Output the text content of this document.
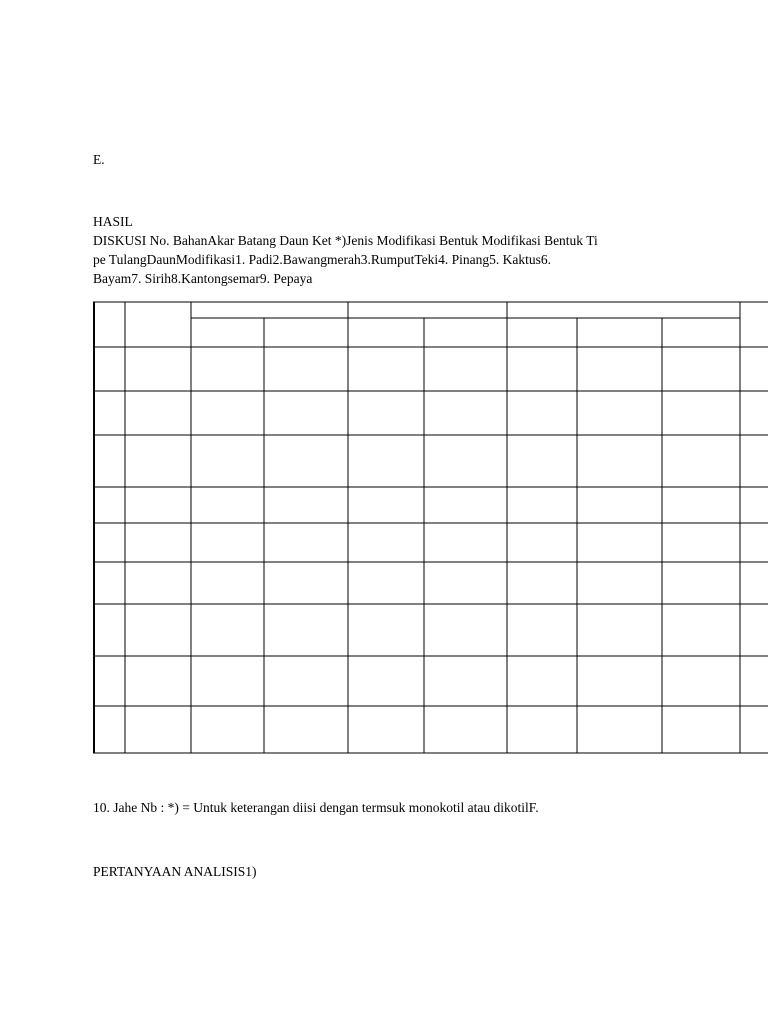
E.
HASIL
DISKUSI No. BahanAkar Batang Daun Ket *)Jenis Modifikasi Bentuk Modifikasi Bentuk Ti
pe TulangDaunModifikasi1. Padi2.Bawangmerah3.RumputTeki4. Pinang5. Kaktus6.
Bayam7. Sirih8.Kantongsemar9. Pepaya
10. Jahe Nb : *) = Untuk keterangan diisi dengan termsuk monokotil atau dikotilF.
PERTANYAAN ANALISIS1)
